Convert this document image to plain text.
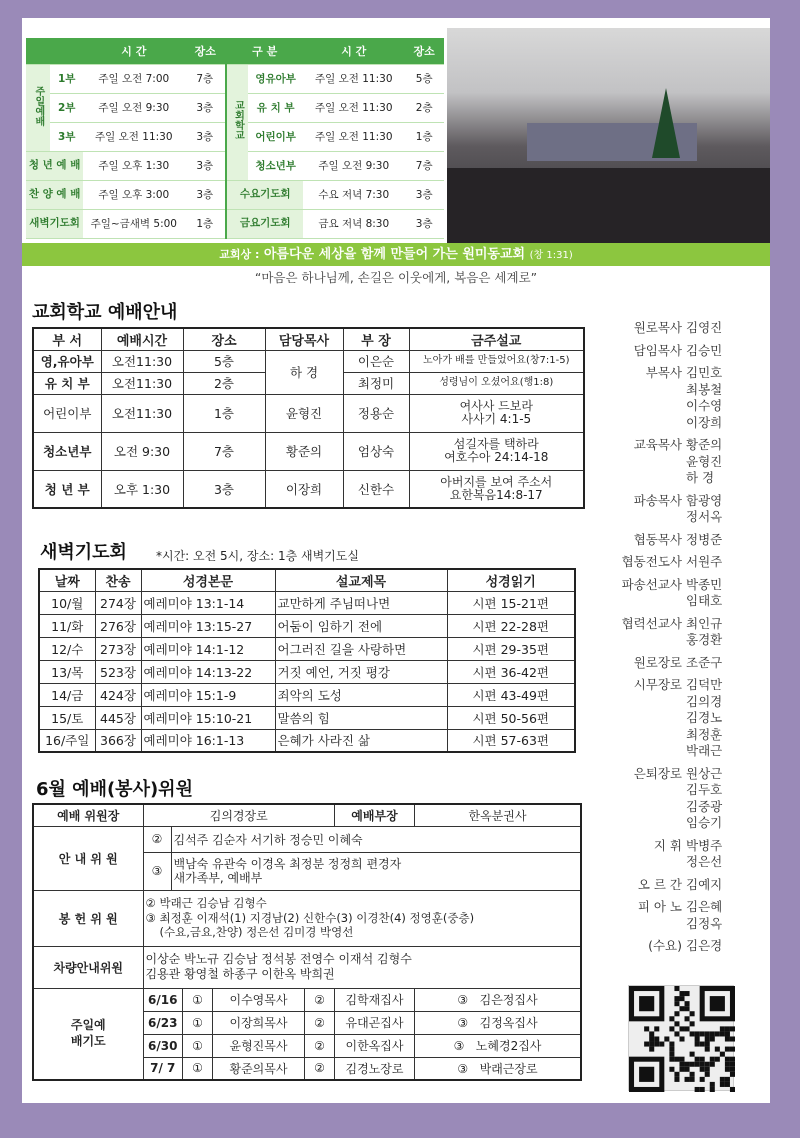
		시 간	장소	구 분		시 간	장소
주일예배	1부	주일 오전 7:00	7층	교회학교	영유아부	주일 오전 11:30	5층
	2부	주일 오전 9:30	3층		유 치 부	주일 오전 11:30	2층
	3부	주일 오전 11:30	3층		어린이부	주일 오전 11:30	1층
청 년 예 배		주일 오후 1:30	3층		청소년부	주일 오전 9:30	7층
찬 양 예 배		주일 오후 3:00	3층	수요기도회		수요 저녁 7:30	3층
새벽기도회		주일~금새벽 5:00	1층	금요기도회		금요 저녁 8:30	3층
교회상 : 아름다운 세상을 함께 만들어 가는 원미동교회 (창 1:31)
“마음은 하나님께, 손길은 이웃에게, 복음은 세계로”
교회학교 예배안내
부 서	예배시간	장소	담당목사	부 장	금주설교
영,유아부	오전11:30	5층	하 경	이은순	노아가 배를 만들었어요(창7:1-5)
유 치 부	오전11:30	2층		최정미	성령님이 오셨어요(행1:8)
어린이부	오전11:30	1층	윤형진	정용순	여사사 드보라
사사기 4:1-5

청소년부	오전 9:30	7층	황준의	엄상숙	섬길자를 택하라
여호수아 24:14-18

청 년 부	오후 1:30	3층	이장희	신한수	아버지를 보여 주소서
요한복음14:8-17
새벽기도회 *시간: 오전 5시, 장소: 1층 새벽기도실
날짜	찬송	성경본문	설교제목	성경읽기
10/월	274장	예레미야 13:1-14	교만하게 주님떠나면	시편 15-21편
11/화	276장	예레미야 13:15-27	어둠이 임하기 전에	시편 22-28편
12/수	273장	예레미야 14:1-12	어그러진 길을 사랑하면	시편 29-35편
13/목	523장	예레미야 14:13-22	거짓 예언, 거짓 평강	시편 36-42편
14/금	424장	예레미야 15:1-9	죄악의 도성	시편 43-49편
15/토	445장	예레미야 15:10-21	말씀의 힘	시편 50-56편
16/주일	366장	예레미야 16:1-13	은혜가 사라진 삶	시편 57-63편
6월 예배(봉사)위원
예배 위원장	김의경장로					예배부장	한옥분권사
안 내 위 원	②	김석주 김순자 서기하 정승민 이혜숙					
	③	백남숙 유관숙 이경옥 최정분 정정희 편경자
새가족부, 예배부					

봉 헌 위 원	② 박래근 김승남 김형수
③ 최정훈 이재석(1) 지경남(2) 신한수(3) 이경찬(4) 정영훈(중층)
(수요,금요,찬양) 정은선 김미경 박영선						

차량안내위원	이상순 박노규 김승남 정석봉 전영수 이재석 김형수
김용관 황영철 하종구 이한옥 박희권						

주일예배기도	6/16		①	이수영목사	②	김학재집사	③ 김은정집사
	6/23		①	이장희목사	②	유대곤집사	③ 김정옥집사
	6/30		①	윤형진목사	②	이한옥집사	③ 노혜경2집사
	7/ 7		①	황준의목사	②	김경노장로	③ 박래근장로
원로목사 김영진
담임목사 김승민
부목사 김민호
최봉철
이수영
이장희
교육목사 황준의
윤형진
하 경
파송목사 함광영
정서옥
협동목사 정병준
협동전도사 서원주
파송선교사 박종민
임태호
협력선교사 최인규
홍경환
원로장로 조준구
시무장로 김덕만
김의경
김경노
최정훈
박래근
은퇴장로 원상근
김두호
김중광
임승기
지 휘 박병주
정은선
오 르 간 김예지
피 아 노 김은혜
김정옥
(수요) 김은경
